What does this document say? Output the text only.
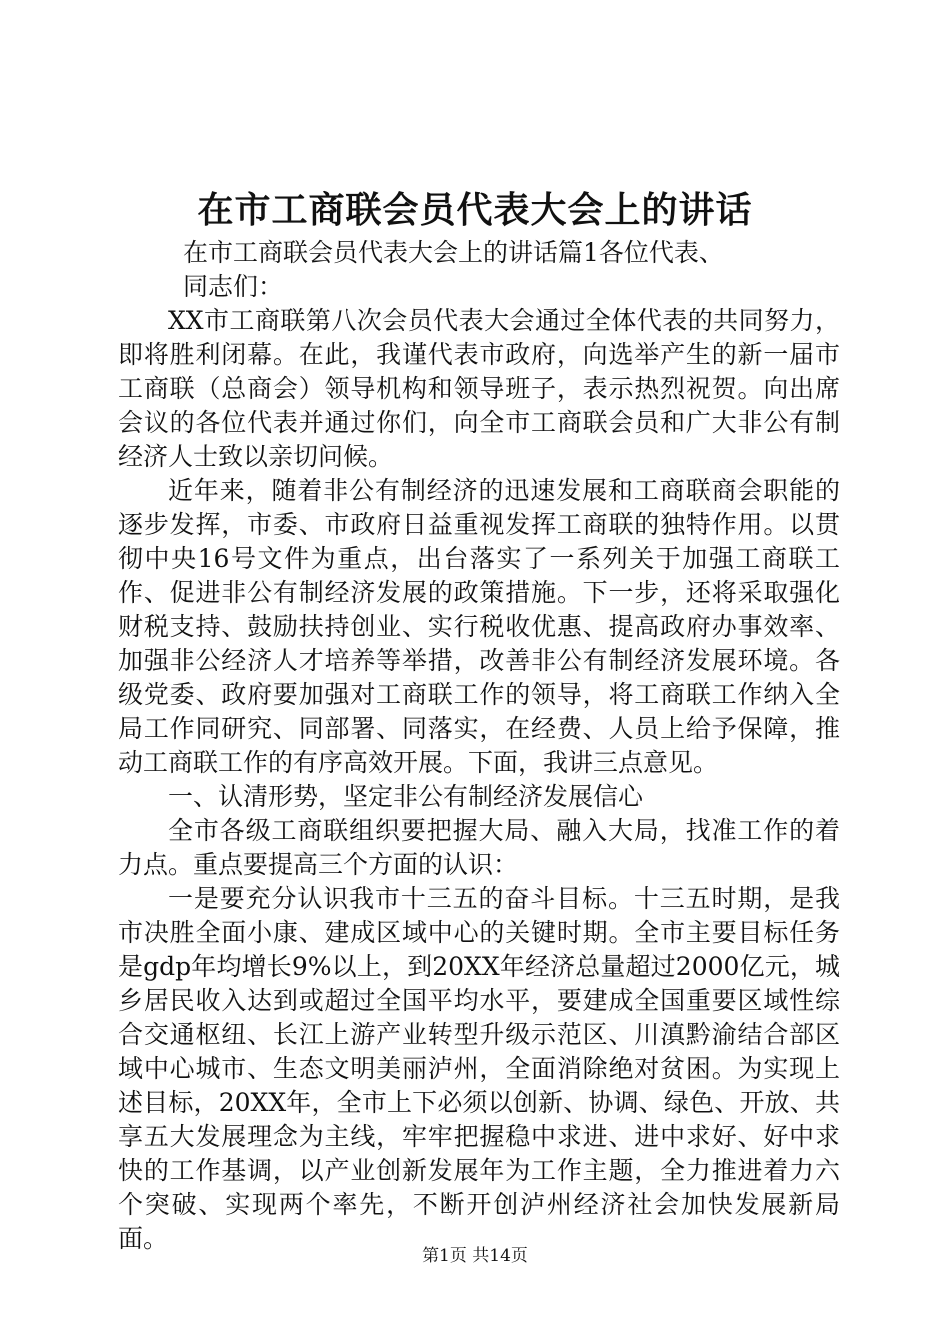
在市工商联会员代表大会上的讲话

在市工商联会员代表大会上的讲话篇1各位代表、

同志们：

XX市工商联第八次会员代表大会通过全体代表的共同努力，即将胜利闭幕。在此，我谨代表市政府，向选举产生的新一届市工商联（总商会）领导机构和领导班子，表示热烈祝贺。向出席会议的各位代表并通过你们，向全市工商联会员和广大非公有制经济人士致以亲切问候。

近年来，随着非公有制经济的迅速发展和工商联商会职能的逐步发挥，市委、市政府日益重视发挥工商联的独特作用。以贯彻中央16号文件为重点，出台落实了一系列关于加强工商联工作、促进非公有制经济发展的政策措施。下一步，还将采取强化财税支持、鼓励扶持创业、实行税收优惠、提高政府办事效率、加强非公经济人才培养等举措，改善非公有制经济发展环境。各级党委、政府要加强对工商联工作的领导，将工商联工作纳入全局工作同研究、同部署、同落实，在经费、人员上给予保障，推动工商联工作的有序高效开展。下面，我讲三点意见。

一、认清形势，坚定非公有制经济发展信心

全市各级工商联组织要把握大局、融入大局，找准工作的着力点。重点要提高三个方面的认识：

一是要充分认识我市十三五的奋斗目标。十三五时期，是我市决胜全面小康、建成区域中心的关键时期。全市主要目标任务是gdp年均增长9%以上，到20XX年经济总量超过2000亿元，城乡居民收入达到或超过全国平均水平，要建成全国重要区域性综合交通枢纽、长江上游产业转型升级示范区、川滇黔渝结合部区域中心城市、生态文明美丽泸州，全面消除绝对贫困。为实现上述目标，20XX年，全市上下必须以创新、协调、绿色、开放、共享五大发展理念为主线，牢牢把握稳中求进、进中求好、好中求快的工作基调，以产业创新发展年为工作主题，全力推进着力六个突破、实现两个率先，不断开创泸州经济社会加快发展新局面。

第1页 共14页
